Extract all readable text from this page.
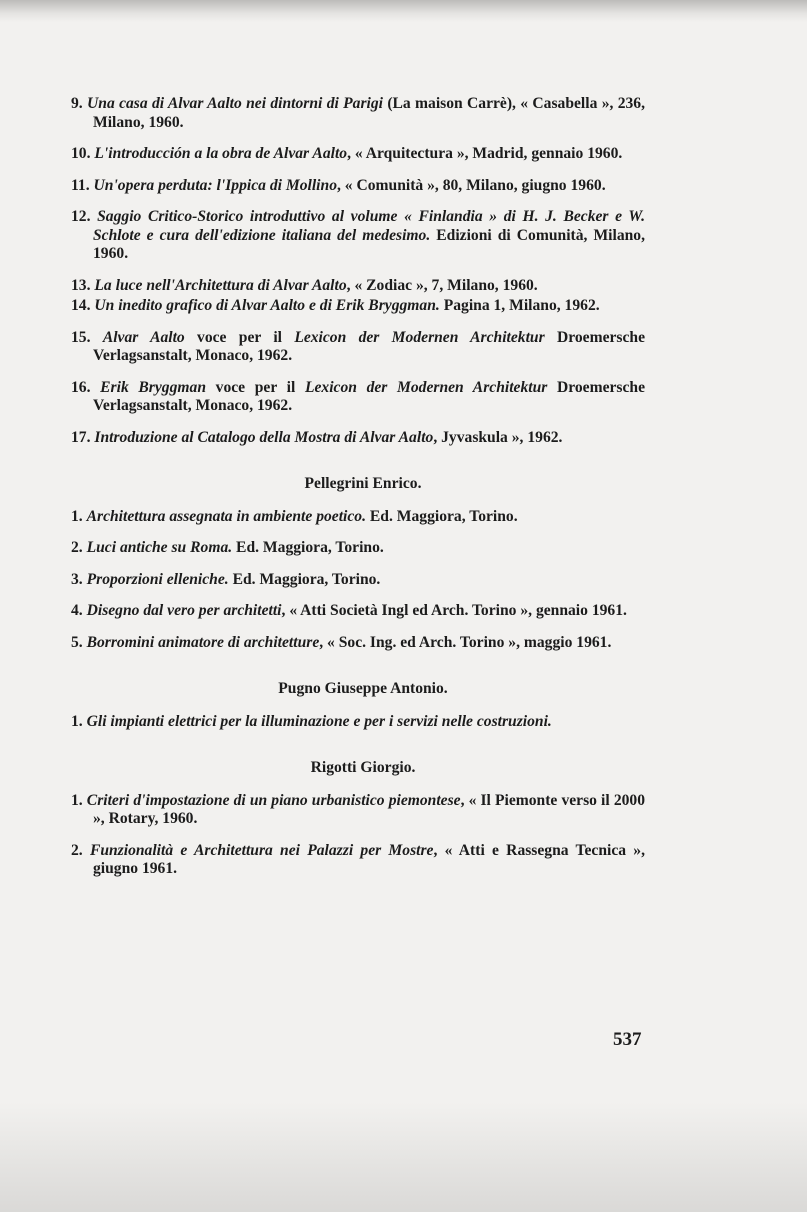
9. Una casa di Alvar Aalto nei dintorni di Parigi (La maison Carrè), « Casabella », 236, Milano, 1960.
10. L'introducción a la obra de Alvar Aalto, « Arquitectura », Madrid, gennaio 1960.
11. Un'opera perduta: l'Ippica di Mollino, « Comunità », 80, Milano, giugno 1960.
12. Saggio Critico-Storico introduttivo al volume « Finlandia » di H. J. Becker e W. Schlote e cura dell'edizione italiana del medesimo. Edizioni di Comunità, Milano, 1960.
13. La luce nell'Architettura di Alvar Aalto, « Zodiac », 7, Milano, 1960.
14. Un inedito grafico di Alvar Aalto e di Erik Bryggman. Pagina 1, Milano, 1962.
15. Alvar Aalto voce per il Lexicon der Modernen Architektur Droemersche Verlagsanstalt, Monaco, 1962.
16. Erik Bryggman voce per il Lexicon der Modernen Architektur Droemersche Verlagsanstalt, Monaco, 1962.
17. Introduzione al Catalogo della Mostra di Alvar Aalto, Jyvaskula », 1962.
Pellegrini Enrico.
1. Architettura assegnata in ambiente poetico. Ed. Maggiora, Torino.
2. Luci antiche su Roma. Ed. Maggiora, Torino.
3. Proporzioni elleniche. Ed. Maggiora, Torino.
4. Disegno dal vero per architetti, « Atti Società Ingl ed Arch. Torino », gennaio 1961.
5. Borromini animatore di architetture, « Soc. Ing. ed Arch. Torino », maggio 1961.
Pugno Giuseppe Antonio.
1. Gli impianti elettrici per la illuminazione e per i servizi nelle costruzioni.
Rigotti Giorgio.
1. Criteri d'impostazione di un piano urbanistico piemontese, « Il Piemonte verso il 2000 », Rotary, 1960.
2. Funzionalità e Architettura nei Palazzi per Mostre, « Atti e Rassegna Tecnica », giugno 1961.
537
